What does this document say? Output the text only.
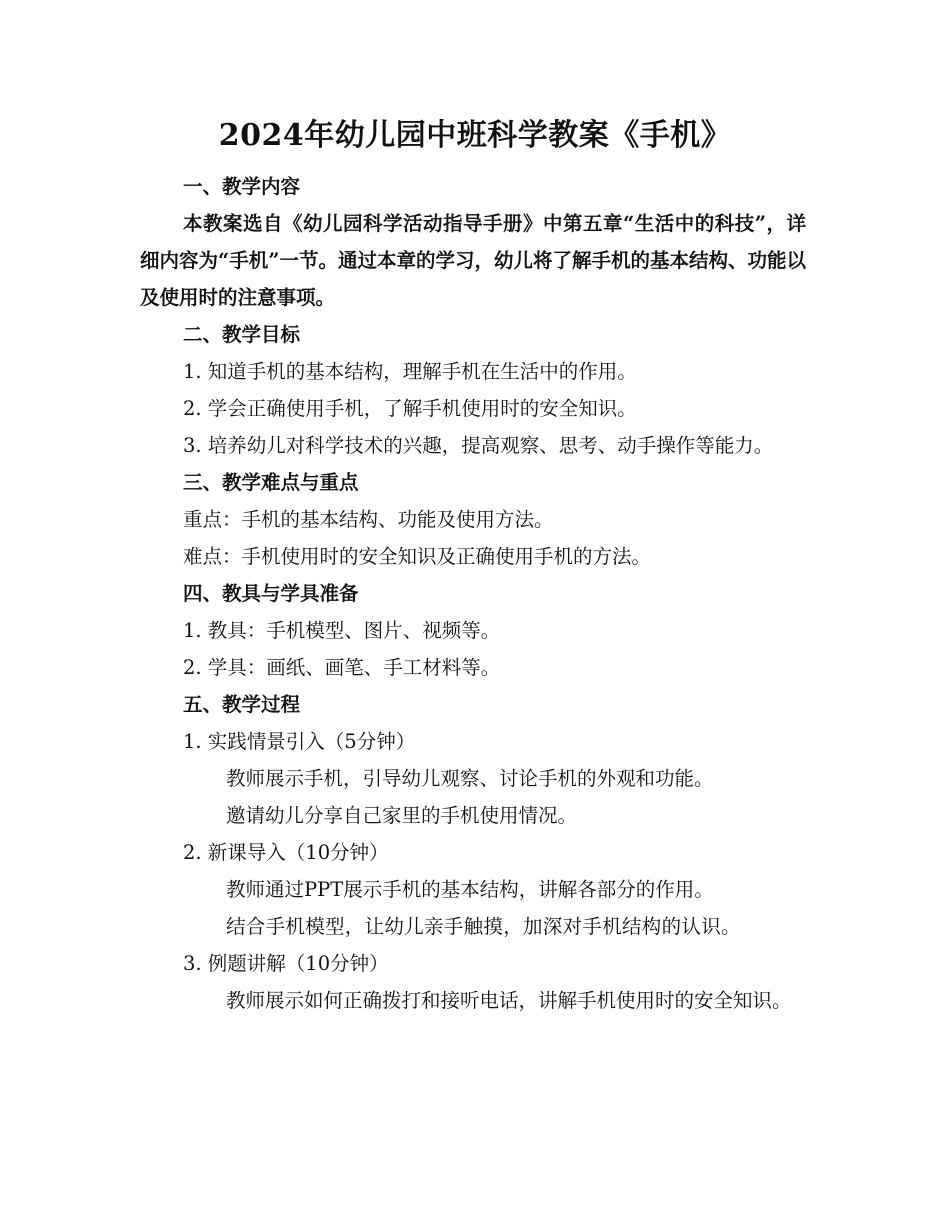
2024年幼儿园中班科学教案《手机》

一、教学内容

本教案选自《幼儿园科学活动指导手册》中第五章“生活中的科技”，详细内容为“手机”一节。通过本章的学习，幼儿将了解手机的基本结构、功能以及使用时的注意事项。

二、教学目标

1. 知道手机的基本结构，理解手机在生活中的作用。

2. 学会正确使用手机，了解手机使用时的安全知识。

3. 培养幼儿对科学技术的兴趣，提高观察、思考、动手操作等能力。

三、教学难点与重点

重点：手机的基本结构、功能及使用方法。

难点：手机使用时的安全知识及正确使用手机的方法。

四、教具与学具准备

1. 教具：手机模型、图片、视频等。

2. 学具：画纸、画笔、手工材料等。

五、教学过程

1. 实践情景引入（5分钟）

教师展示手机，引导幼儿观察、讨论手机的外观和功能。

邀请幼儿分享自己家里的手机使用情况。

2. 新课导入（10分钟）

教师通过PPT展示手机的基本结构，讲解各部分的作用。

结合手机模型，让幼儿亲手触摸，加深对手机结构的认识。

3. 例题讲解（10分钟）

教师展示如何正确拨打和接听电话，讲解手机使用时的安全知识。
